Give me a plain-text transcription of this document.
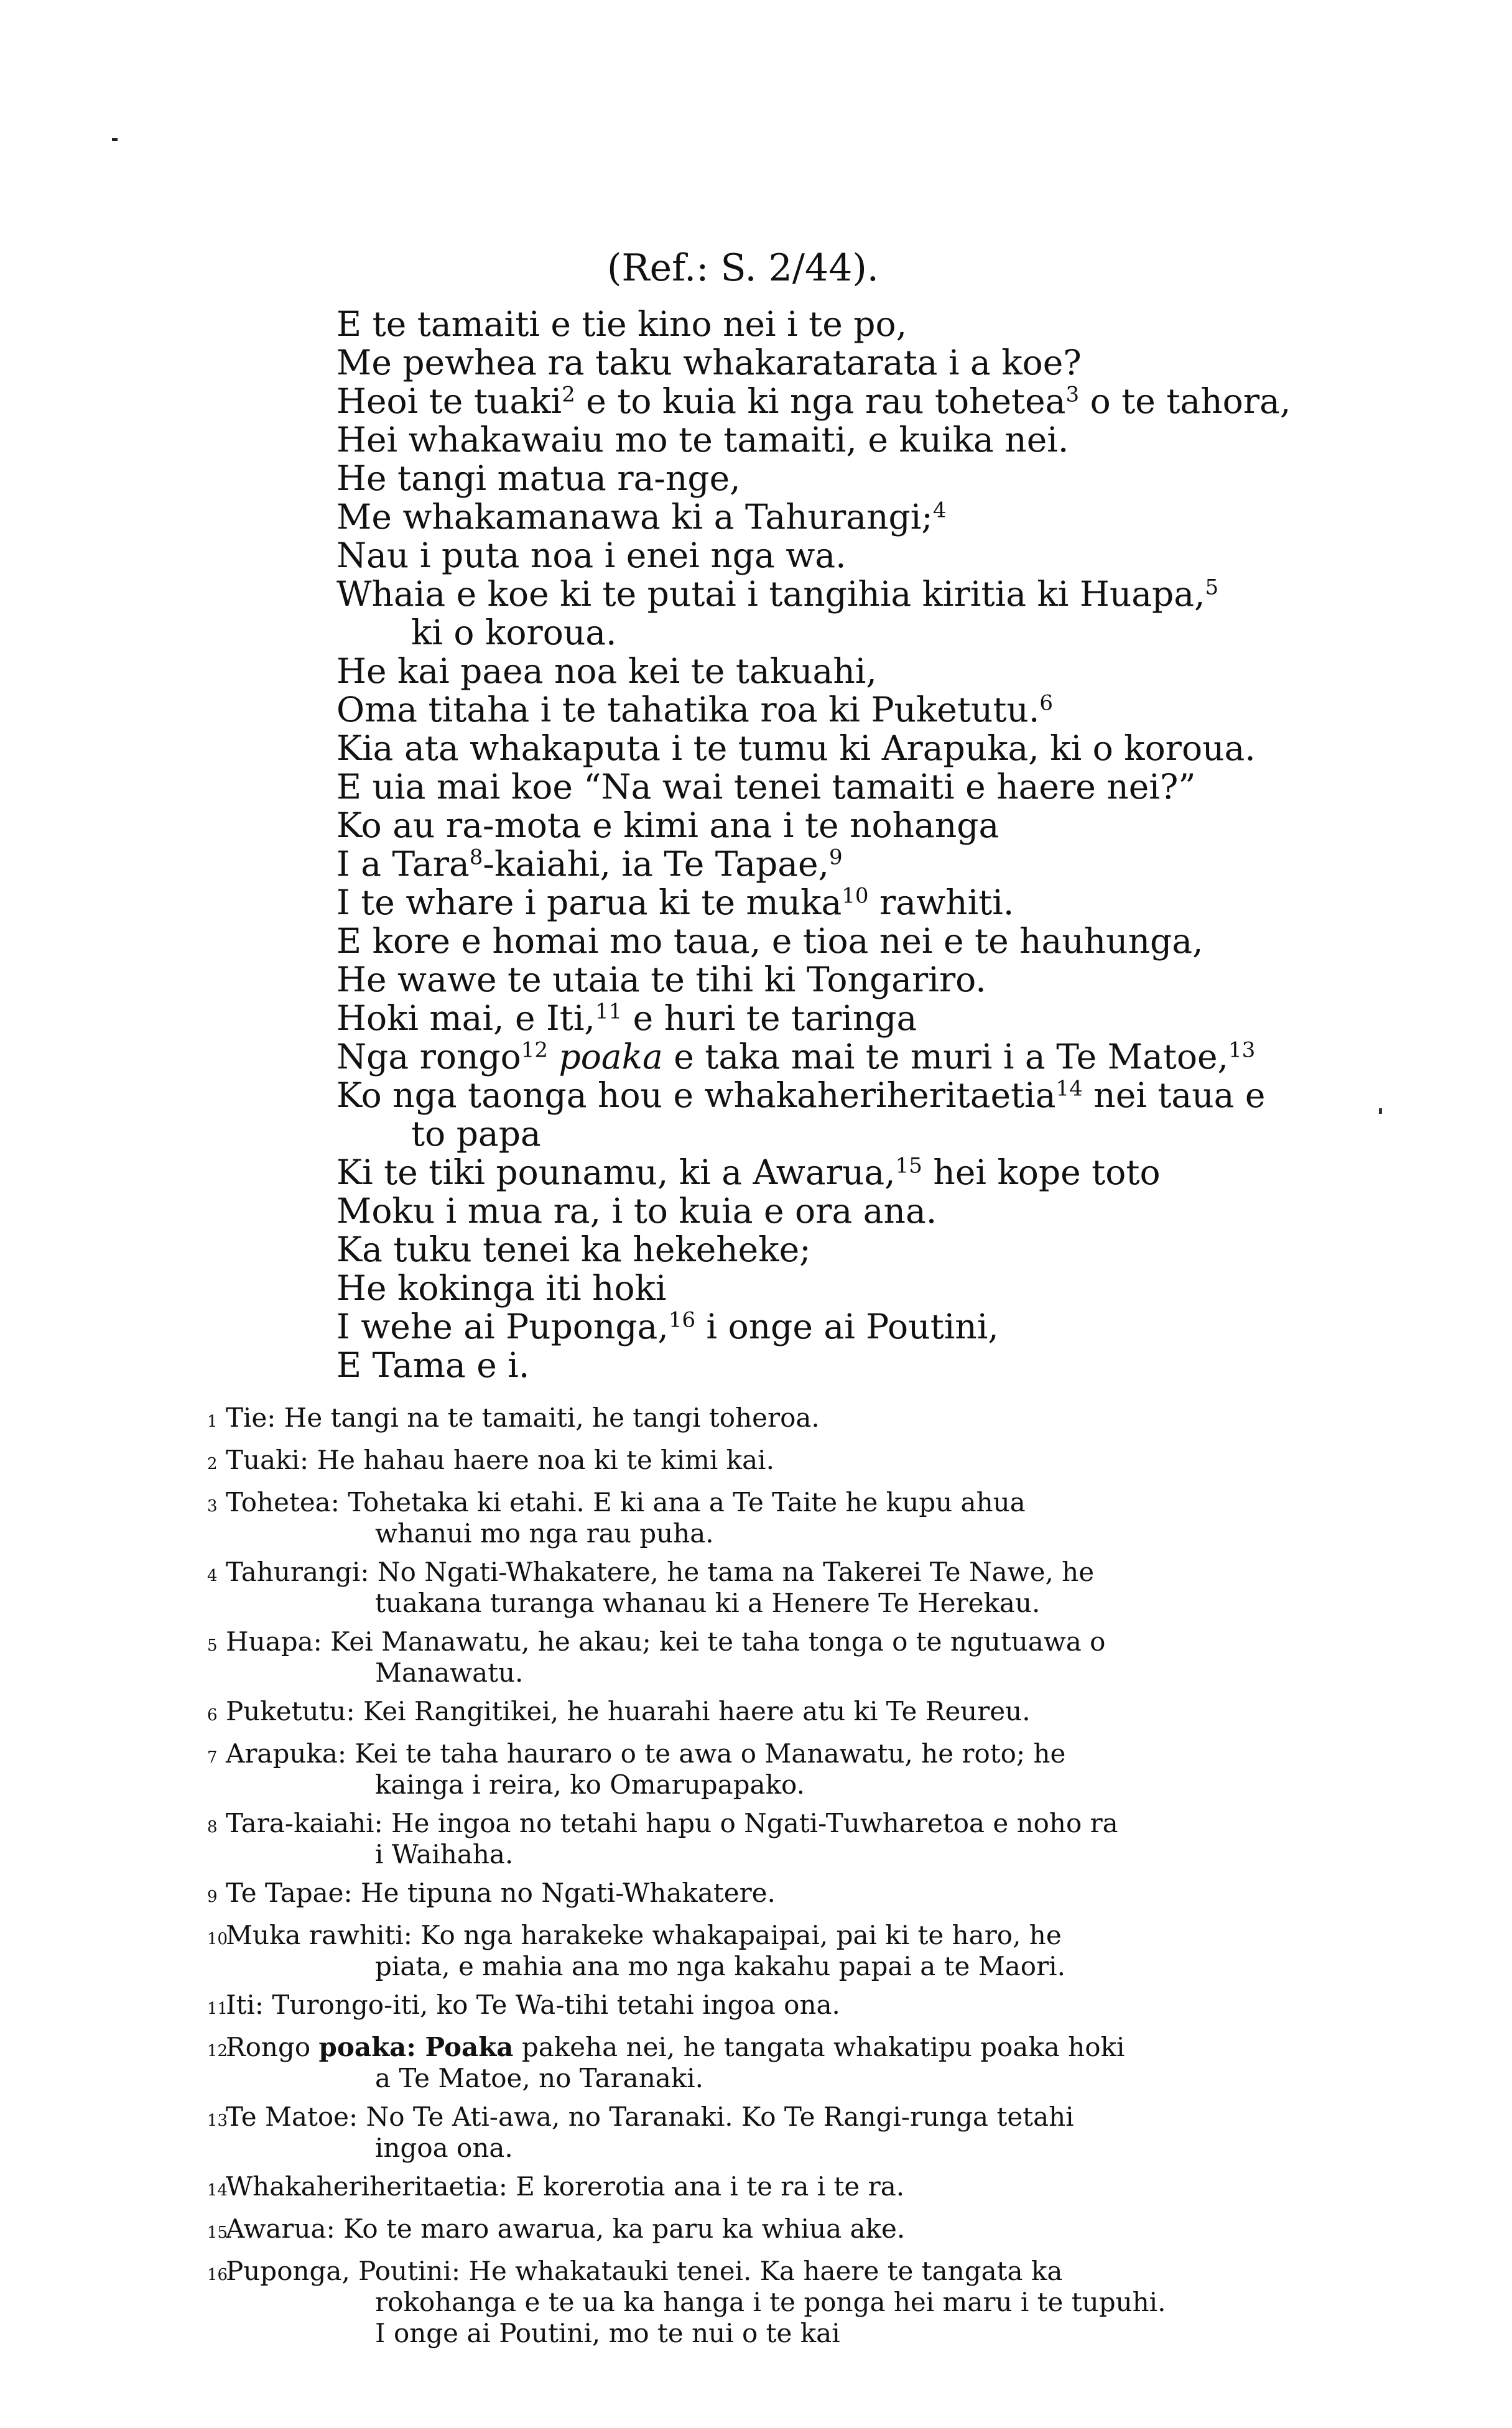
(Ref.: S. 2/44).
E te tamaiti e tie kino nei i te po,
Me pewhea ra taku whakaratarata i a koe?
Heoi te tuaki$^2$ e to kuia ki nga rau tohetea$^3$ o te tahora,
Hei whakawaiu mo te tamaiti, e kuika nei.
He tangi matua ra-nge,
Me whakamanawa ki a Tahurangi;$^4$
Nau i puta noa i enei nga wa.
Whaia e koe ki te putai i tangihia kiritia ki Huapa,$^5$
ki o koroua.
He kai paea noa kei te takuahi,
Oma titaha i te tahatika roa ki Puketutu.$^6$
Kia ata whakaputa i te tumu ki Arapuka, ki o koroua.
E uia mai koe “Na wai tenei tamaiti e haere nei?”
Ko au ra-mota e kimi ana i te nohanga
I a Tara$^8$-kaiahi, ia Te Tapae,$^9$
I te whare i parua ki te muka$^{10}$ rawhiti.
E kore e homai mo taua, e tioa nei e te hauhunga,
He wawe te utaia te tihi ki Tongariro.
Hoki mai, e Iti,$^{11}$ e huri te taringa
Nga rongo$^{12}$ poaka e taka mai te muri i a Te Matoe,$^{13}$
Ko nga taonga hou e whakaheriheritaetia$^{14}$ nei taua e
to papa
Ki te tiki pounamu, ki a Awarua,$^{15}$ hei kope toto
Moku i mua ra, i to kuia e ora ana.
Ka tuku tenei ka hekeheke;
He kokinga iti hoki
I wehe ai Puponga,$^{16}$ i onge ai Poutini,
E Tama e i.
1 Tie: He tangi na te tamaiti, he tangi toheroa.
2 Tuaki: He hahau haere noa ki te kimi kai.
3 Tohetea: Tohetaka ki etahi. E ki ana a Te Taite he kupu ahua
whanui mo nga rau puha.
4 Tahurangi: No Ngati-Whakatere, he tama na Takerei Te Nawe, he
tuakana turanga whanau ki a Henere Te Herekau.
5 Huapa: Kei Manawatu, he akau; kei te taha tonga o te ngutuawa o
Manawatu.
6 Puketutu: Kei Rangitikei, he huarahi haere atu ki Te Reureu.
7 Arapuka: Kei te taha hauraro o te awa o Manawatu, he roto; he
kainga i reira, ko Omarupapako.
8 Tara-kaiahi: He ingoa no tetahi hapu o Ngati-Tuwharetoa e noho ra
i Waihaha.
9 Te Tapae: He tipuna no Ngati-Whakatere.
10
Muka rawhiti: Ko nga harakeke whakapaipai, pai ki te haro, he
piata, e mahia ana mo nga kakahu papai a te Maori.
11
Iti: Turongo-iti, ko Te Wa-tihi tetahi ingoa ona.
12
Rongo poaka: Poaka pakeha nei, he tangata whakatipu poaka hoki
a Te Matoe, no Taranaki.
13
Te Matoe: No Te Ati-awa, no Taranaki. Ko Te Rangi-runga tetahi
ingoa ona.
14
Whakaheriheritaetia: E korerotia ana i te ra i te ra.
15
Awarua: Ko te maro awarua, ka paru ka whiua ake.
16
Puponga, Poutini: He whakatauki tenei. Ka haere te tangata ka
rokohanga e te ua ka hanga i te ponga hei maru i te tupuhi.
I onge ai Poutini, mo te nui o te kai
